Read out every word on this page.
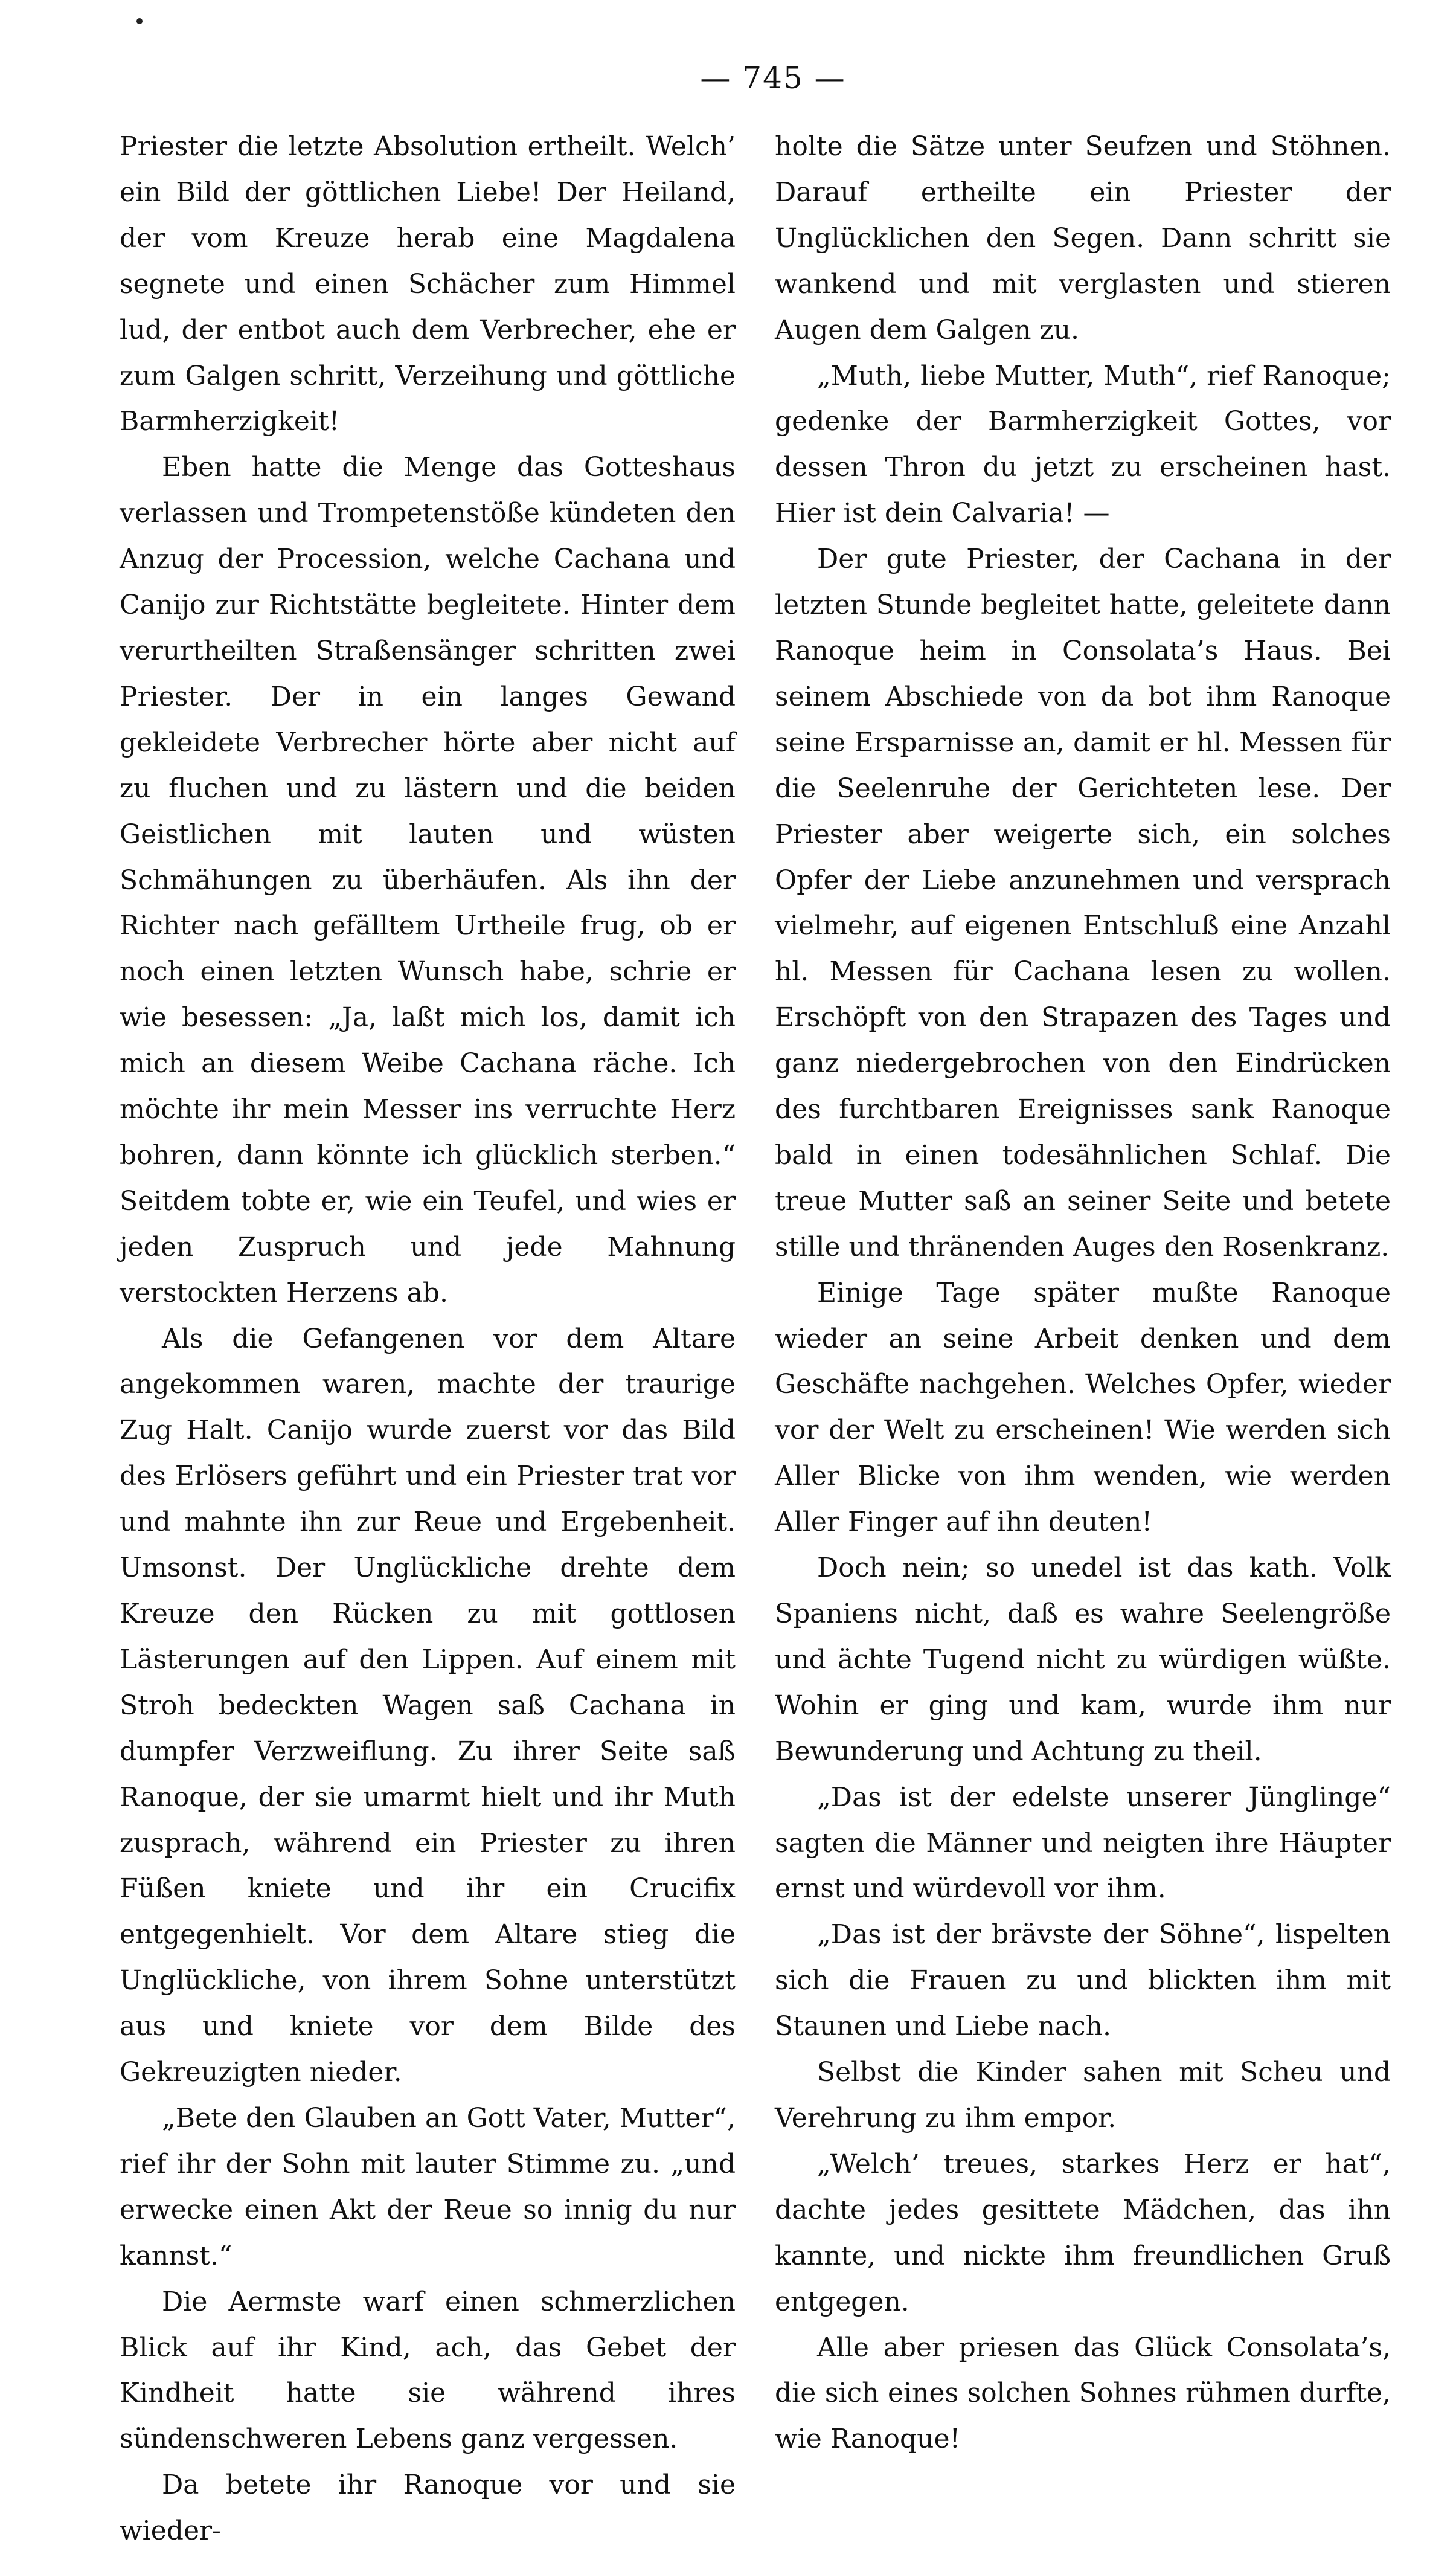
— 745 —

Priester die letzte Absolution ertheilt. Welch’ ein Bild der göttlichen Liebe! Der Heiland, der vom Kreuze herab eine Magdalena segnete und einen Schächer zum Himmel lud, der entbot auch dem Verbrecher, ehe er zum Galgen schritt, Verzeihung und göttliche Barmherzigkeit!

Eben hatte die Menge das Gotteshaus verlassen und Trompetenstöße kündeten den Anzug der Procession, welche Cachana und Canijo zur Richtstätte begleitete. Hinter dem verurtheilten Straßensänger schritten zwei Priester. Der in ein langes Gewand gekleidete Verbrecher hörte aber nicht auf zu fluchen und zu lästern und die beiden Geistlichen mit lauten und wüsten Schmähungen zu überhäufen. Als ihn der Richter nach gefälltem Urtheile frug, ob er noch einen letzten Wunsch habe, schrie er wie besessen: „Ja, laßt mich los, damit ich mich an diesem Weibe Cachana räche. Ich möchte ihr mein Messer ins verruchte Herz bohren, dann könnte ich glücklich sterben.“ Seitdem tobte er, wie ein Teufel, und wies er jeden Zuspruch und jede Mahnung verstockten Herzens ab.

Als die Gefangenen vor dem Altare angekommen waren, machte der traurige Zug Halt. Canijo wurde zuerst vor das Bild des Erlösers geführt und ein Priester trat vor und mahnte ihn zur Reue und Ergebenheit. Umsonst. Der Unglückliche drehte dem Kreuze den Rücken zu mit gottlosen Lästerungen auf den Lippen. Auf einem mit Stroh bedeckten Wagen saß Cachana in dumpfer Verzweiflung. Zu ihrer Seite saß Ranoque, der sie umarmt hielt und ihr Muth zusprach, während ein Priester zu ihren Füßen kniete und ihr ein Crucifix entgegenhielt. Vor dem Altare stieg die Unglückliche, von ihrem Sohne unterstützt aus und kniete vor dem Bilde des Gekreuzigten nieder.

„Bete den Glauben an Gott Vater, Mutter“, rief ihr der Sohn mit lauter Stimme zu. „und erwecke einen Akt der Reue so innig du nur kannst.“

Die Aermste warf einen schmerzlichen Blick auf ihr Kind, ach, das Gebet der Kindheit hatte sie während ihres sündenschweren Lebens ganz vergessen.

Da betete ihr Ranoque vor und sie wieder-

holte die Sätze unter Seufzen und Stöhnen. Darauf ertheilte ein Priester der Unglücklichen den Segen. Dann schritt sie wankend und mit verglasten und stieren Augen dem Galgen zu.

„Muth, liebe Mutter, Muth“, rief Ranoque; gedenke der Barmherzigkeit Gottes, vor dessen Thron du jetzt zu erscheinen hast. Hier ist dein Calvaria! —

Der gute Priester, der Cachana in der letzten Stunde begleitet hatte, geleitete dann Ranoque heim in Consolata’s Haus. Bei seinem Abschiede von da bot ihm Ranoque seine Ersparnisse an, damit er hl. Messen für die Seelenruhe der Gerichteten lese. Der Priester aber weigerte sich, ein solches Opfer der Liebe anzunehmen und versprach vielmehr, auf eigenen Entschluß eine Anzahl hl. Messen für Cachana lesen zu wollen. Erschöpft von den Strapazen des Tages und ganz niedergebrochen von den Eindrücken des furchtbaren Ereignisses sank Ranoque bald in einen todesähnlichen Schlaf. Die treue Mutter saß an seiner Seite und betete stille und thränenden Auges den Rosenkranz.

Einige Tage später mußte Ranoque wieder an seine Arbeit denken und dem Geschäfte nachgehen. Welches Opfer, wieder vor der Welt zu erscheinen! Wie werden sich Aller Blicke von ihm wenden, wie werden Aller Finger auf ihn deuten!

Doch nein; so unedel ist das kath. Volk Spaniens nicht, daß es wahre Seelengröße und ächte Tugend nicht zu würdigen wüßte. Wohin er ging und kam, wurde ihm nur Bewunderung und Achtung zu theil.

„Das ist der edelste unserer Jünglinge“ sagten die Männer und neigten ihre Häupter ernst und würdevoll vor ihm.

„Das ist der brävste der Söhne“, lispelten sich die Frauen zu und blickten ihm mit Staunen und Liebe nach.

Selbst die Kinder sahen mit Scheu und Verehrung zu ihm empor.

„Welch’ treues, starkes Herz er hat“, dachte jedes gesittete Mädchen, das ihn kannte, und nickte ihm freundlichen Gruß entgegen.

Alle aber priesen das Glück Consolata’s, die sich eines solchen Sohnes rühmen durfte, wie Ranoque!
